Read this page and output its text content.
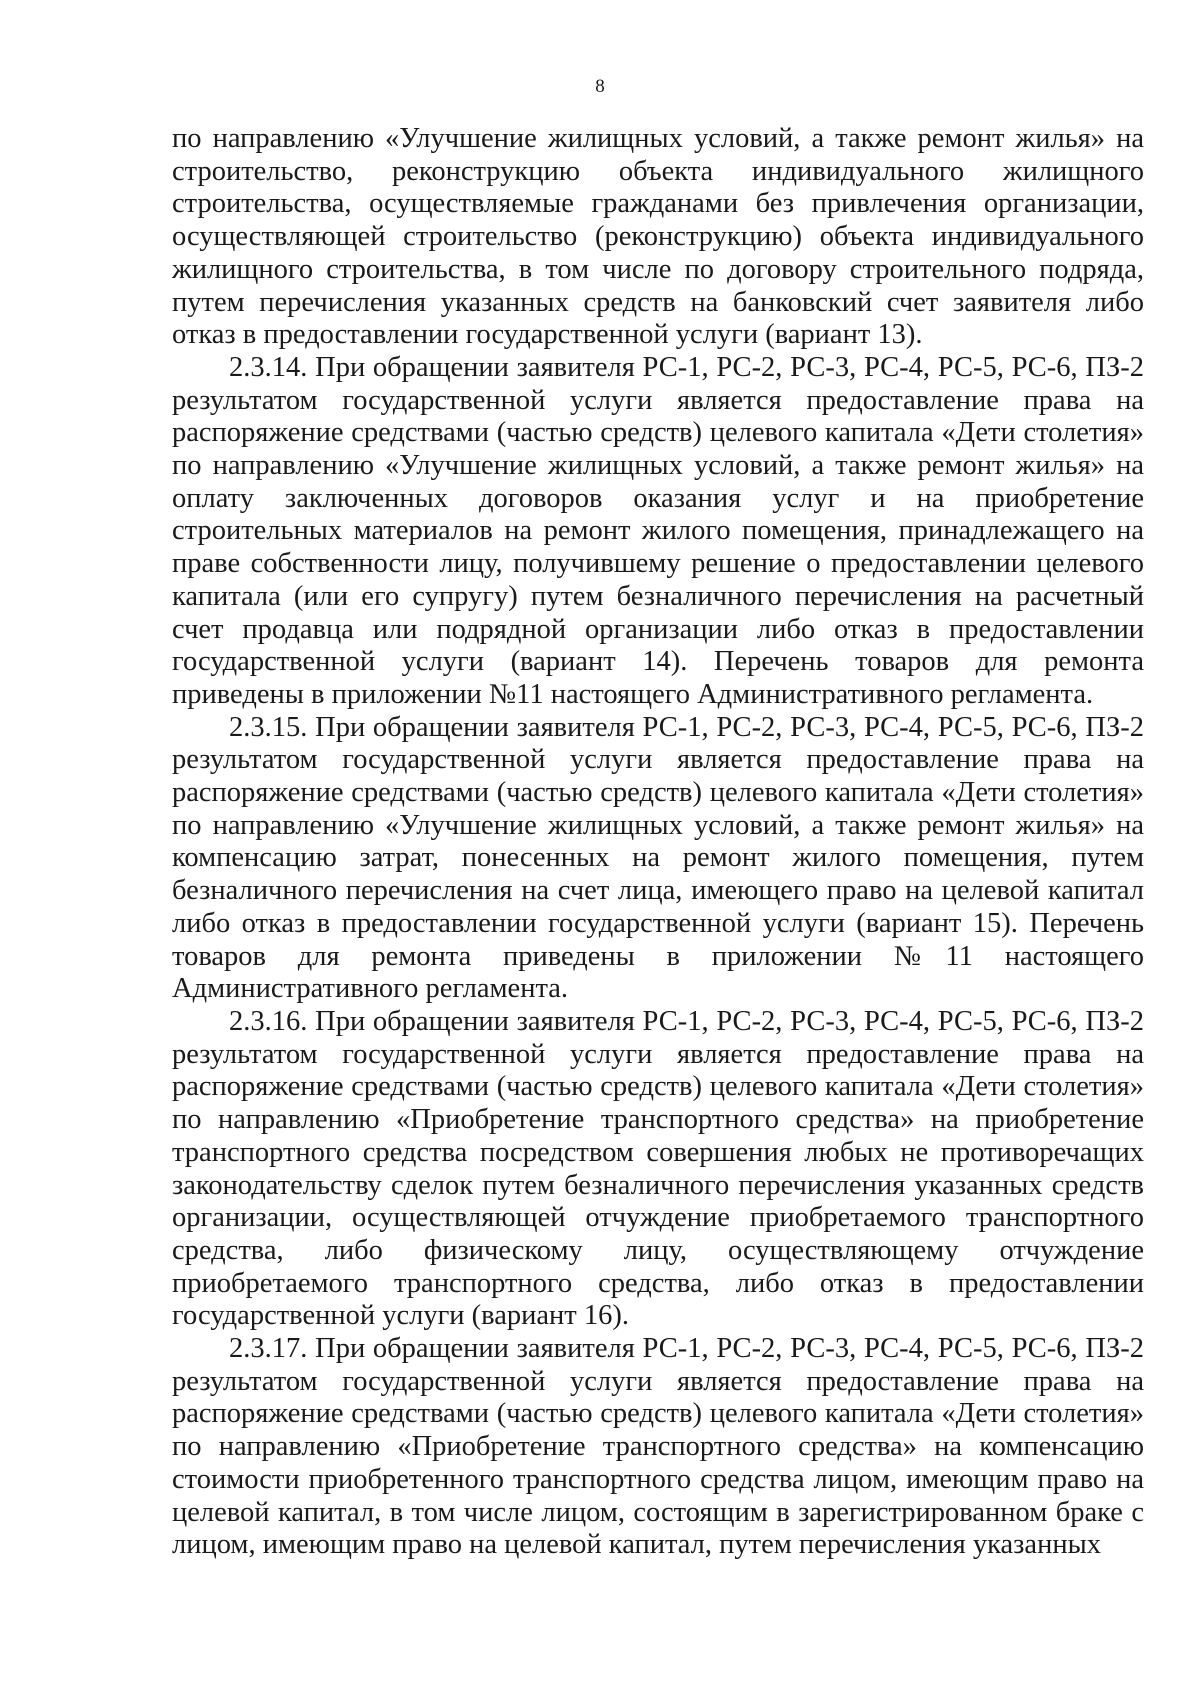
8

по направлению «Улучшение жилищных условий, а также ремонт жилья» на строительство, реконструкцию объекта индивидуального жилищного строительства, осуществляемые гражданами без привлечения организации, осуществляющей строительство (реконструкцию) объекта индивидуального жилищного строительства, в том числе по договору строительного подряда, путем перечисления указанных средств на банковский счет заявителя либо отказ в предоставлении государственной услуги (вариант 13).

2.3.14. При обращении заявителя РС-1, РС-2, РС-3, РС-4, РС-5, РС-6, ПЗ-2 результатом государственной услуги является предоставление права на распоряжение средствами (частью средств) целевого капитала «Дети столетия» по направлению «Улучшение жилищных условий, а также ремонт жилья» на оплату заключенных договоров оказания услуг и на приобретение строительных материалов на ремонт жилого помещения, принадлежащего на праве собственности лицу, получившему решение о предоставлении целевого капитала (или его супругу) путем безналичного перечисления на расчетный счет продавца или подрядной организации либо отказ в предоставлении государственной услуги (вариант 14). Перечень товаров для ремонта приведены в приложении №11 настоящего Административного регламента.

2.3.15. При обращении заявителя РС-1, РС-2, РС-3, РС-4, РС-5, РС-6, ПЗ-2 результатом государственной услуги является предоставление права на распоряжение средствами (частью средств) целевого капитала «Дети столетия» по направлению «Улучшение жилищных условий, а также ремонт жилья» на компенсацию затрат, понесенных на ремонт жилого помещения, путем безналичного перечисления на счет лица, имеющего право на целевой капитал либо отказ в предоставлении государственной услуги (вариант 15). Перечень товаров для ремонта приведены в приложении №11 настоящего Административного регламента.

2.3.16. При обращении заявителя РС-1, РС-2, РС-3, РС-4, РС-5, РС-6, ПЗ-2 результатом государственной услуги является предоставление права на распоряжение средствами (частью средств) целевого капитала «Дети столетия» по направлению «Приобретение транспортного средства» на приобретение транспортного средства посредством совершения любых не противоречащих законодательству сделок путем безналичного перечисления указанных средств организации, осуществляющей отчуждение приобретаемого транспортного средства, либо физическому лицу, осуществляющему отчуждение приобретаемого транспортного средства, либо отказ в предоставлении государственной услуги (вариант 16).

2.3.17. При обращении заявителя РС-1, РС-2, РС-3, РС-4, РС-5, РС-6, ПЗ-2 результатом государственной услуги является предоставление права на распоряжение средствами (частью средств) целевого капитала «Дети столетия» по направлению «Приобретение транспортного средства» на компенсацию стоимости приобретенного транспортного средства лицом, имеющим право на целевой капитал, в том числе лицом, состоящим в зарегистрированном браке с лицом, имеющим право на целевой капитал, путем перечисления указанных
